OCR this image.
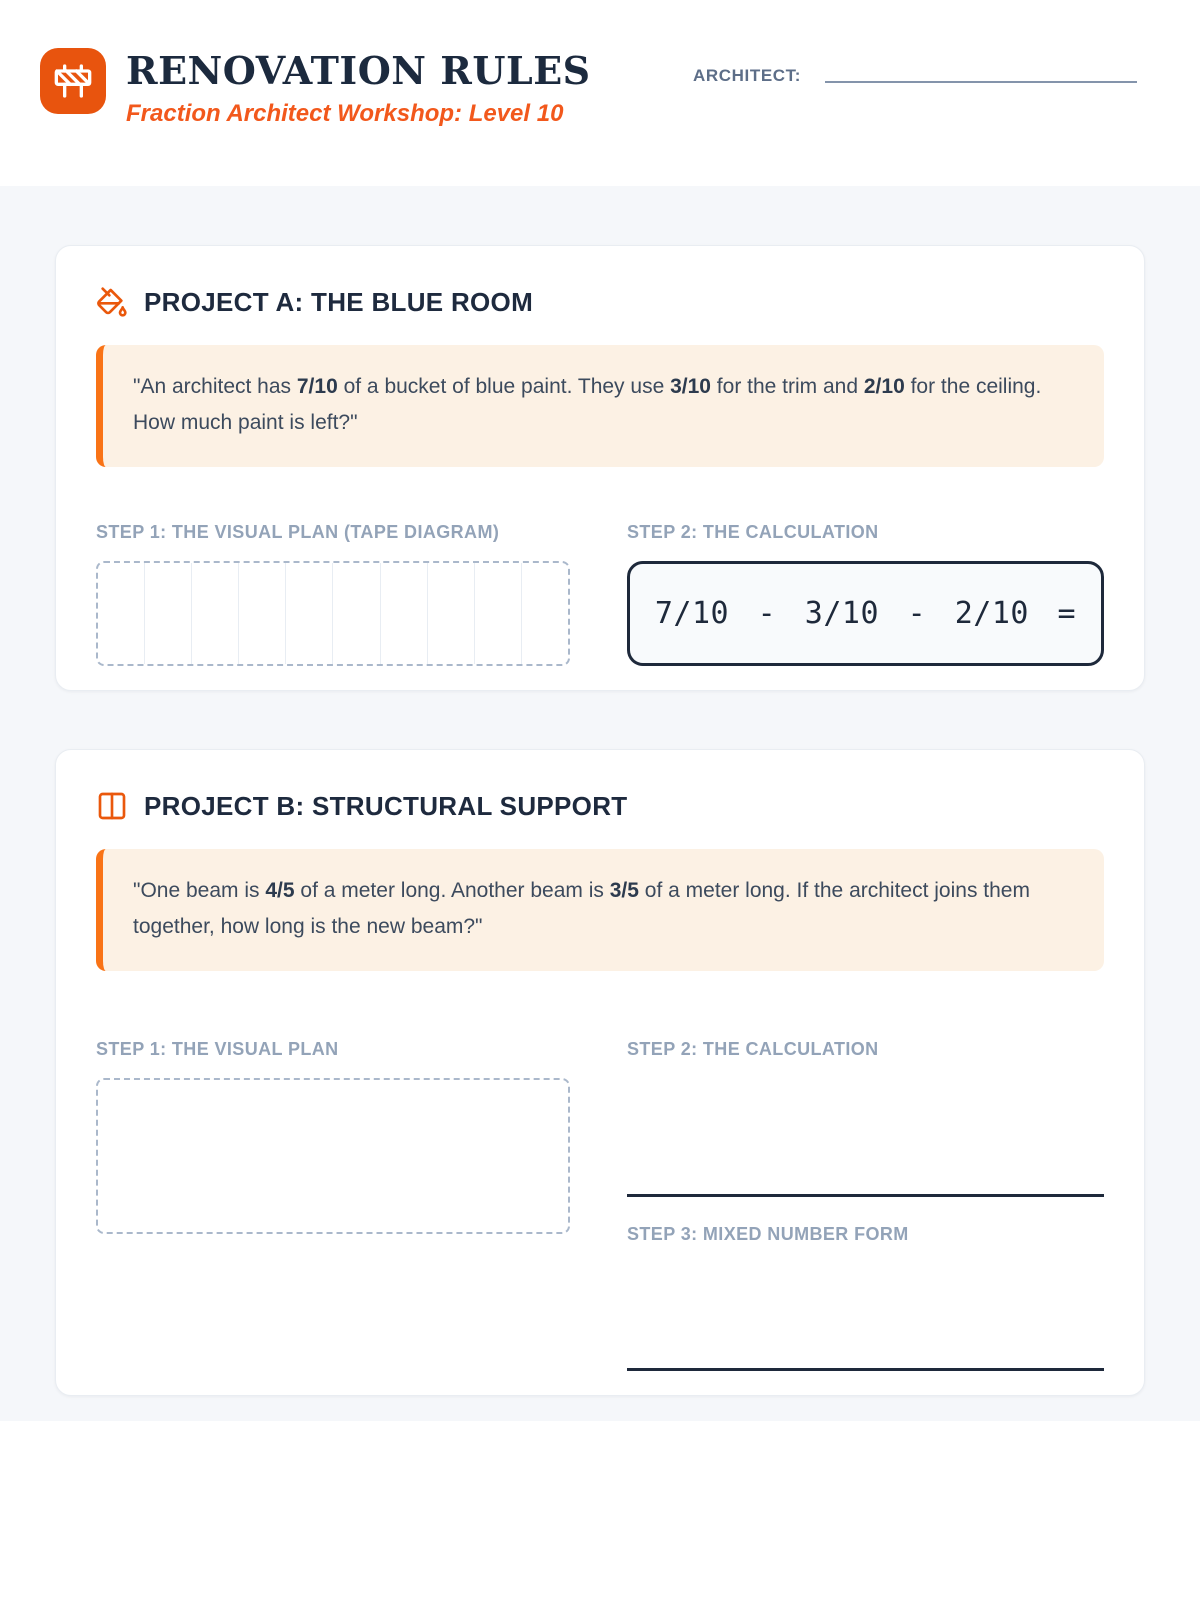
RENOVATION RULES
Fraction Architect Workshop: Level 10
ARCHITECT:
PROJECT A: THE BLUE ROOM
"An architect has 7/10 of a bucket of blue paint. They use 3/10 for the trim and 2/10 for the ceiling. How much paint is left?"
STEP 1: THE VISUAL PLAN (TAPE DIAGRAM)	STEP 2: THE CALCULATION
7/10 - 3/10 - 2/10 =
PROJECT B: STRUCTURAL SUPPORT
"One beam is 4/5 of a meter long. Another beam is 3/5 of a meter long. If the architect joins them together, how long is the new beam?"
STEP 1: THE VISUAL PLAN	STEP 2: THE CALCULATION
STEP 3: MIXED NUMBER FORM
